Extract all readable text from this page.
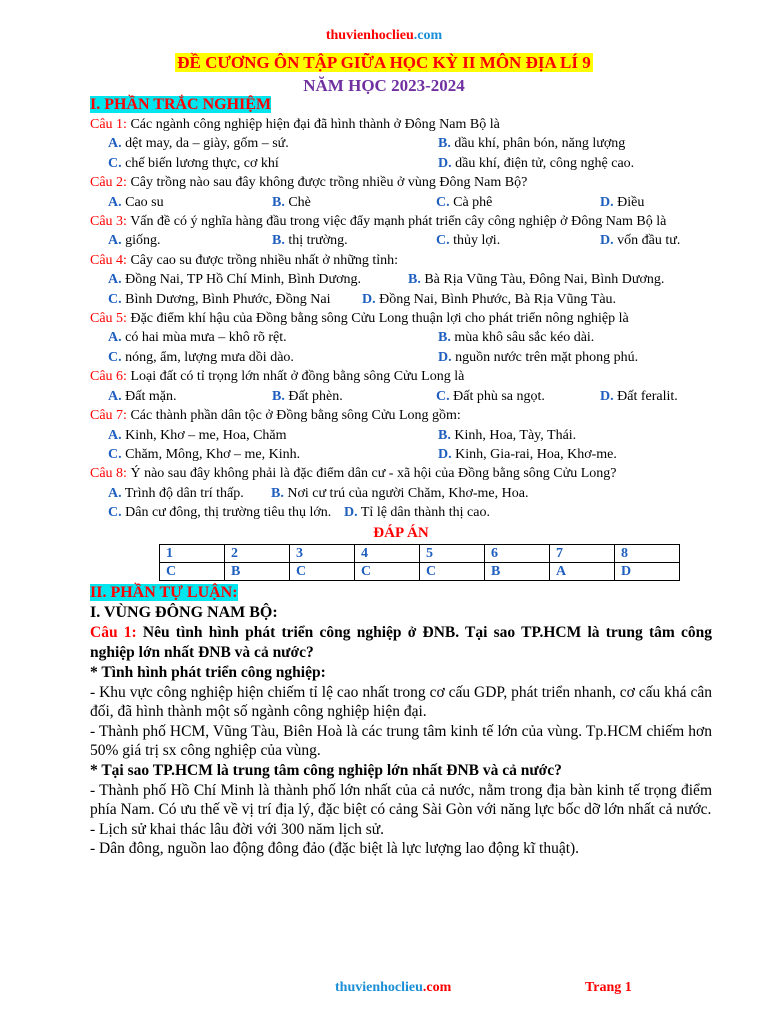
thuvienhoclieu.com
ĐỀ CƯƠNG ÔN TẬP GIỮA HỌC KỲ II MÔN ĐỊA LÍ 9
NĂM HỌC 2023-2024
I. PHẦN TRẮC NGHIỆM
Câu 1: Các ngành công nghiệp hiện đại đã hình thành ở Đông Nam Bộ là
A. dệt may, da – giày, gốm – sứ.	B. dầu khí, phân bón, năng lượng
C. chế biến lương thực, cơ khí	D. dầu khí, điện tử, công nghệ cao.
Câu 2: Cây trồng nào sau đây không được trồng nhiều ở vùng Đông Nam Bộ?
A. Cao su	B. Chè	C. Cà phê	D. Điều
Câu 3: Vấn đề có ý nghĩa hàng đầu trong việc đẩy mạnh phát triển cây công nghiệp ở Đông Nam Bộ là
A. giống.	B. thị trường.	C. thủy lợi.	D. vốn đầu tư.
Câu 4: Cây cao su được trồng nhiều nhất ở những tỉnh:
A. Đồng Nai, TP Hồ Chí Minh, Bình Dương.	B. Bà Rịa Vũng Tàu, Đông Nai, Bình Dương.
C. Bình Dương, Bình Phước, Đồng Nai	D. Đồng Nai, Bình Phước, Bà Rịa Vũng Tàu.
Câu 5: Đặc điểm khí hậu của Đồng bằng sông Cửu Long thuận lợi cho phát triển nông nghiệp là
A. có hai mùa mưa – khô rõ rệt.	B. mùa khô sâu sắc kéo dài.
C. nóng, ẩm, lượng mưa dồi dào.	D. nguồn nước trên mặt phong phú.
Câu 6: Loại đất có tỉ trọng lớn nhất ở đồng bằng sông Cửu Long là
A. Đất mặn.	B. Đất phèn.	C. Đất phù sa ngọt.	D. Đất feralit.
Câu 7: Các thành phần dân tộc ở Đồng bằng sông Cửu Long gồm:
A. Kinh, Khơ – me, Hoa, Chăm	B. Kinh, Hoa, Tày, Thái.
C. Chăm, Mông, Khơ – me, Kinh.	D. Kinh, Gia-rai, Hoa, Khơ-me.
Câu 8: Ý nào sau đây không phải là đặc điểm dân cư - xã hội của Đồng bằng sông Cửu Long?
A. Trình độ dân trí thấp.	B. Nơi cư trú của người Chăm, Khơ-me, Hoa.
C. Dân cư đông, thị trường tiêu thụ lớn. D. Tỉ lệ dân thành thị cao.
ĐÁP ÁN
1	2	3	4	5	6	7	8
C	B	C	C	C	B	A	D
II. PHẦN TỰ LUẬN:
I. VÙNG ĐÔNG NAM BỘ:
Câu 1: Nêu tình hình phát triển công nghiệp ở ĐNB. Tại sao TP.HCM là trung tâm công nghiệp lớn nhất ĐNB và cả nước?
* Tình hình phát triển công nghiệp:

- Khu vực công nghiệp hiện chiếm tỉ lệ cao nhất trong cơ cấu GDP, phát triển nhanh, cơ cấu khá cân đối, đã hình thành một số ngành công nghiệp hiện đại.

- Thành phố HCM, Vũng Tàu, Biên Hoà là các trung tâm kinh tế lớn của vùng. Tp.HCM chiếm hơn 50% giá trị sx công nghiệp của vùng.

* Tại sao TP.HCM là trung tâm công nghiệp lớn nhất ĐNB và cả nước?

- Thành phố Hồ Chí Minh là thành phố lớn nhất của cả nước, nằm trong địa bàn kinh tế trọng điểm phía Nam. Có ưu thế về vị trí địa lý, đặc biệt có cảng Sài Gòn với năng lực bốc dỡ lớn nhất cả nước.

- Lịch sử khai thác lâu đời với 300 năm lịch sử.

- Dân đông, nguồn lao động đông đảo (đặc biệt là lực lượng lao động kĩ thuật).

thuvienhoclieu.com	Trang 1
